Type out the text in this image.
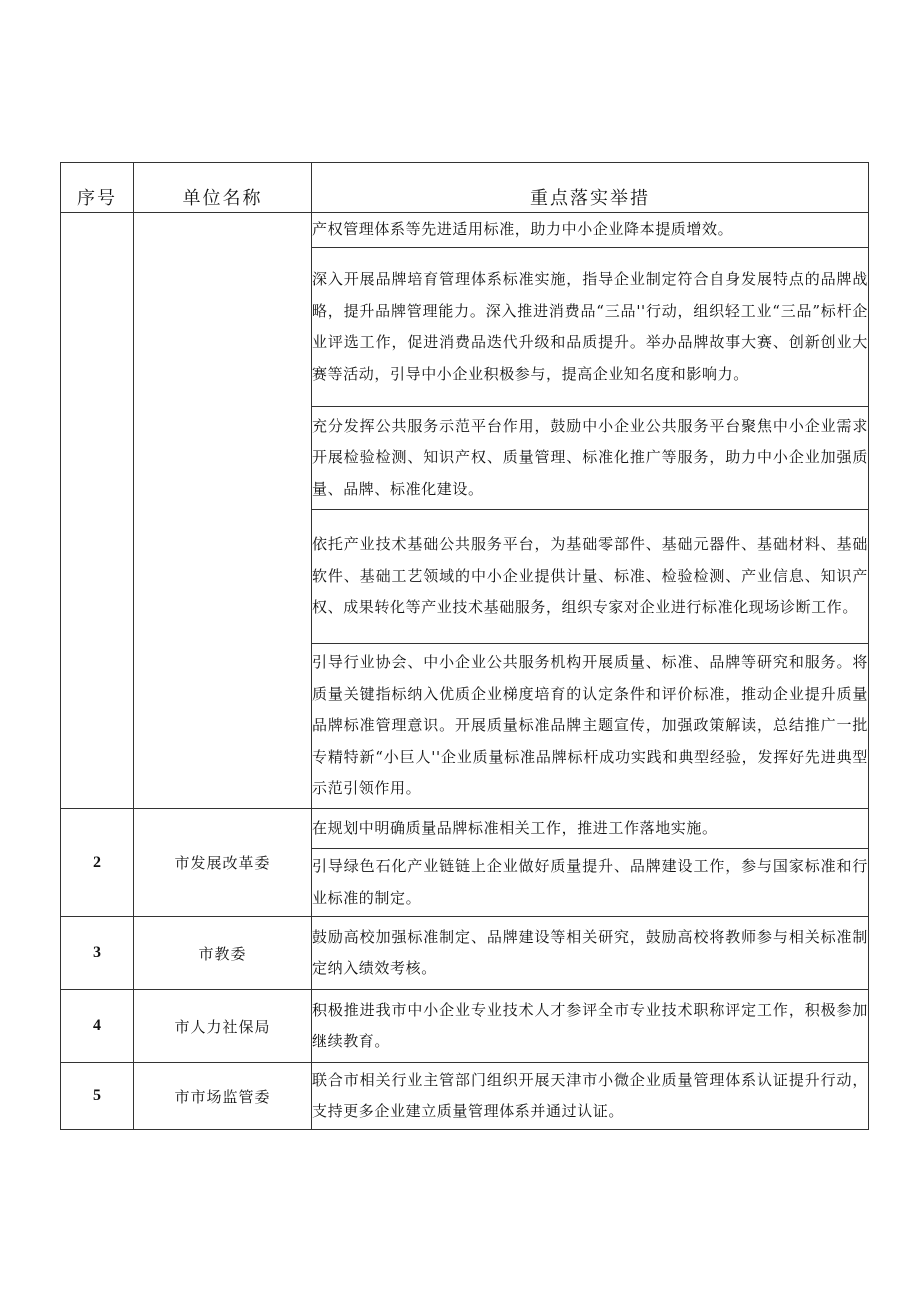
序号	单位名称	重点落实举措
		产权管理体系等先进适用标准，助力中小企业降本提质增效。
		深入开展品牌培育管理体系标准实施，指导企业制定符合自身发展特点的品牌战略，提升品牌管理能力。深入推进消费品“三品''行动，组织轻工业“三品”标杆企业评选工作，促进消费品迭代升级和品质提升。举办品牌故事大赛、创新创业大赛等活动，引导中小企业积极参与，提高企业知名度和影响力。
		充分发挥公共服务示范平台作用，鼓励中小企业公共服务平台聚焦中小企业需求开展检验检测、知识产权、质量管理、标准化推广等服务，助力中小企业加强质量、品牌、标准化建设。
		依托产业技术基础公共服务平台，为基础零部件、基础元器件、基础材料、基础软件、基础工艺领域的中小企业提供计量、标准、检验检测、产业信息、知识产权、成果转化等产业技术基础服务，组织专家对企业进行标准化现场诊断工作。
		引导行业协会、中小企业公共服务机构开展质量、标准、品牌等研究和服务。将质量关键指标纳入优质企业梯度培育的认定条件和评价标准，推动企业提升质量品牌标准管理意识。开展质量标准品牌主题宣传，加强政策解读，总结推广一批专精特新“小巨人''企业质量标准品牌标杆成功实践和典型经验，发挥好先进典型示范引领作用。
2	市发展改革委	在规划中明确质量品牌标准相关工作，推进工作落地实施。
		引导绿色石化产业链链上企业做好质量提升、品牌建设工作，参与国家标准和行业标准的制定。
3	市教委	鼓励高校加强标准制定、品牌建设等相关研究，鼓励高校将教师参与相关标准制定纳入绩效考核。
4	市人力社保局	积极推进我市中小企业专业技术人才参评全市专业技术职称评定工作，积极参加继续教育。
5	市市场监管委	联合市相关行业主管部门组织开展天津市小微企业质量管理体系认证提升行动，支持更多企业建立质量管理体系并通过认证。
